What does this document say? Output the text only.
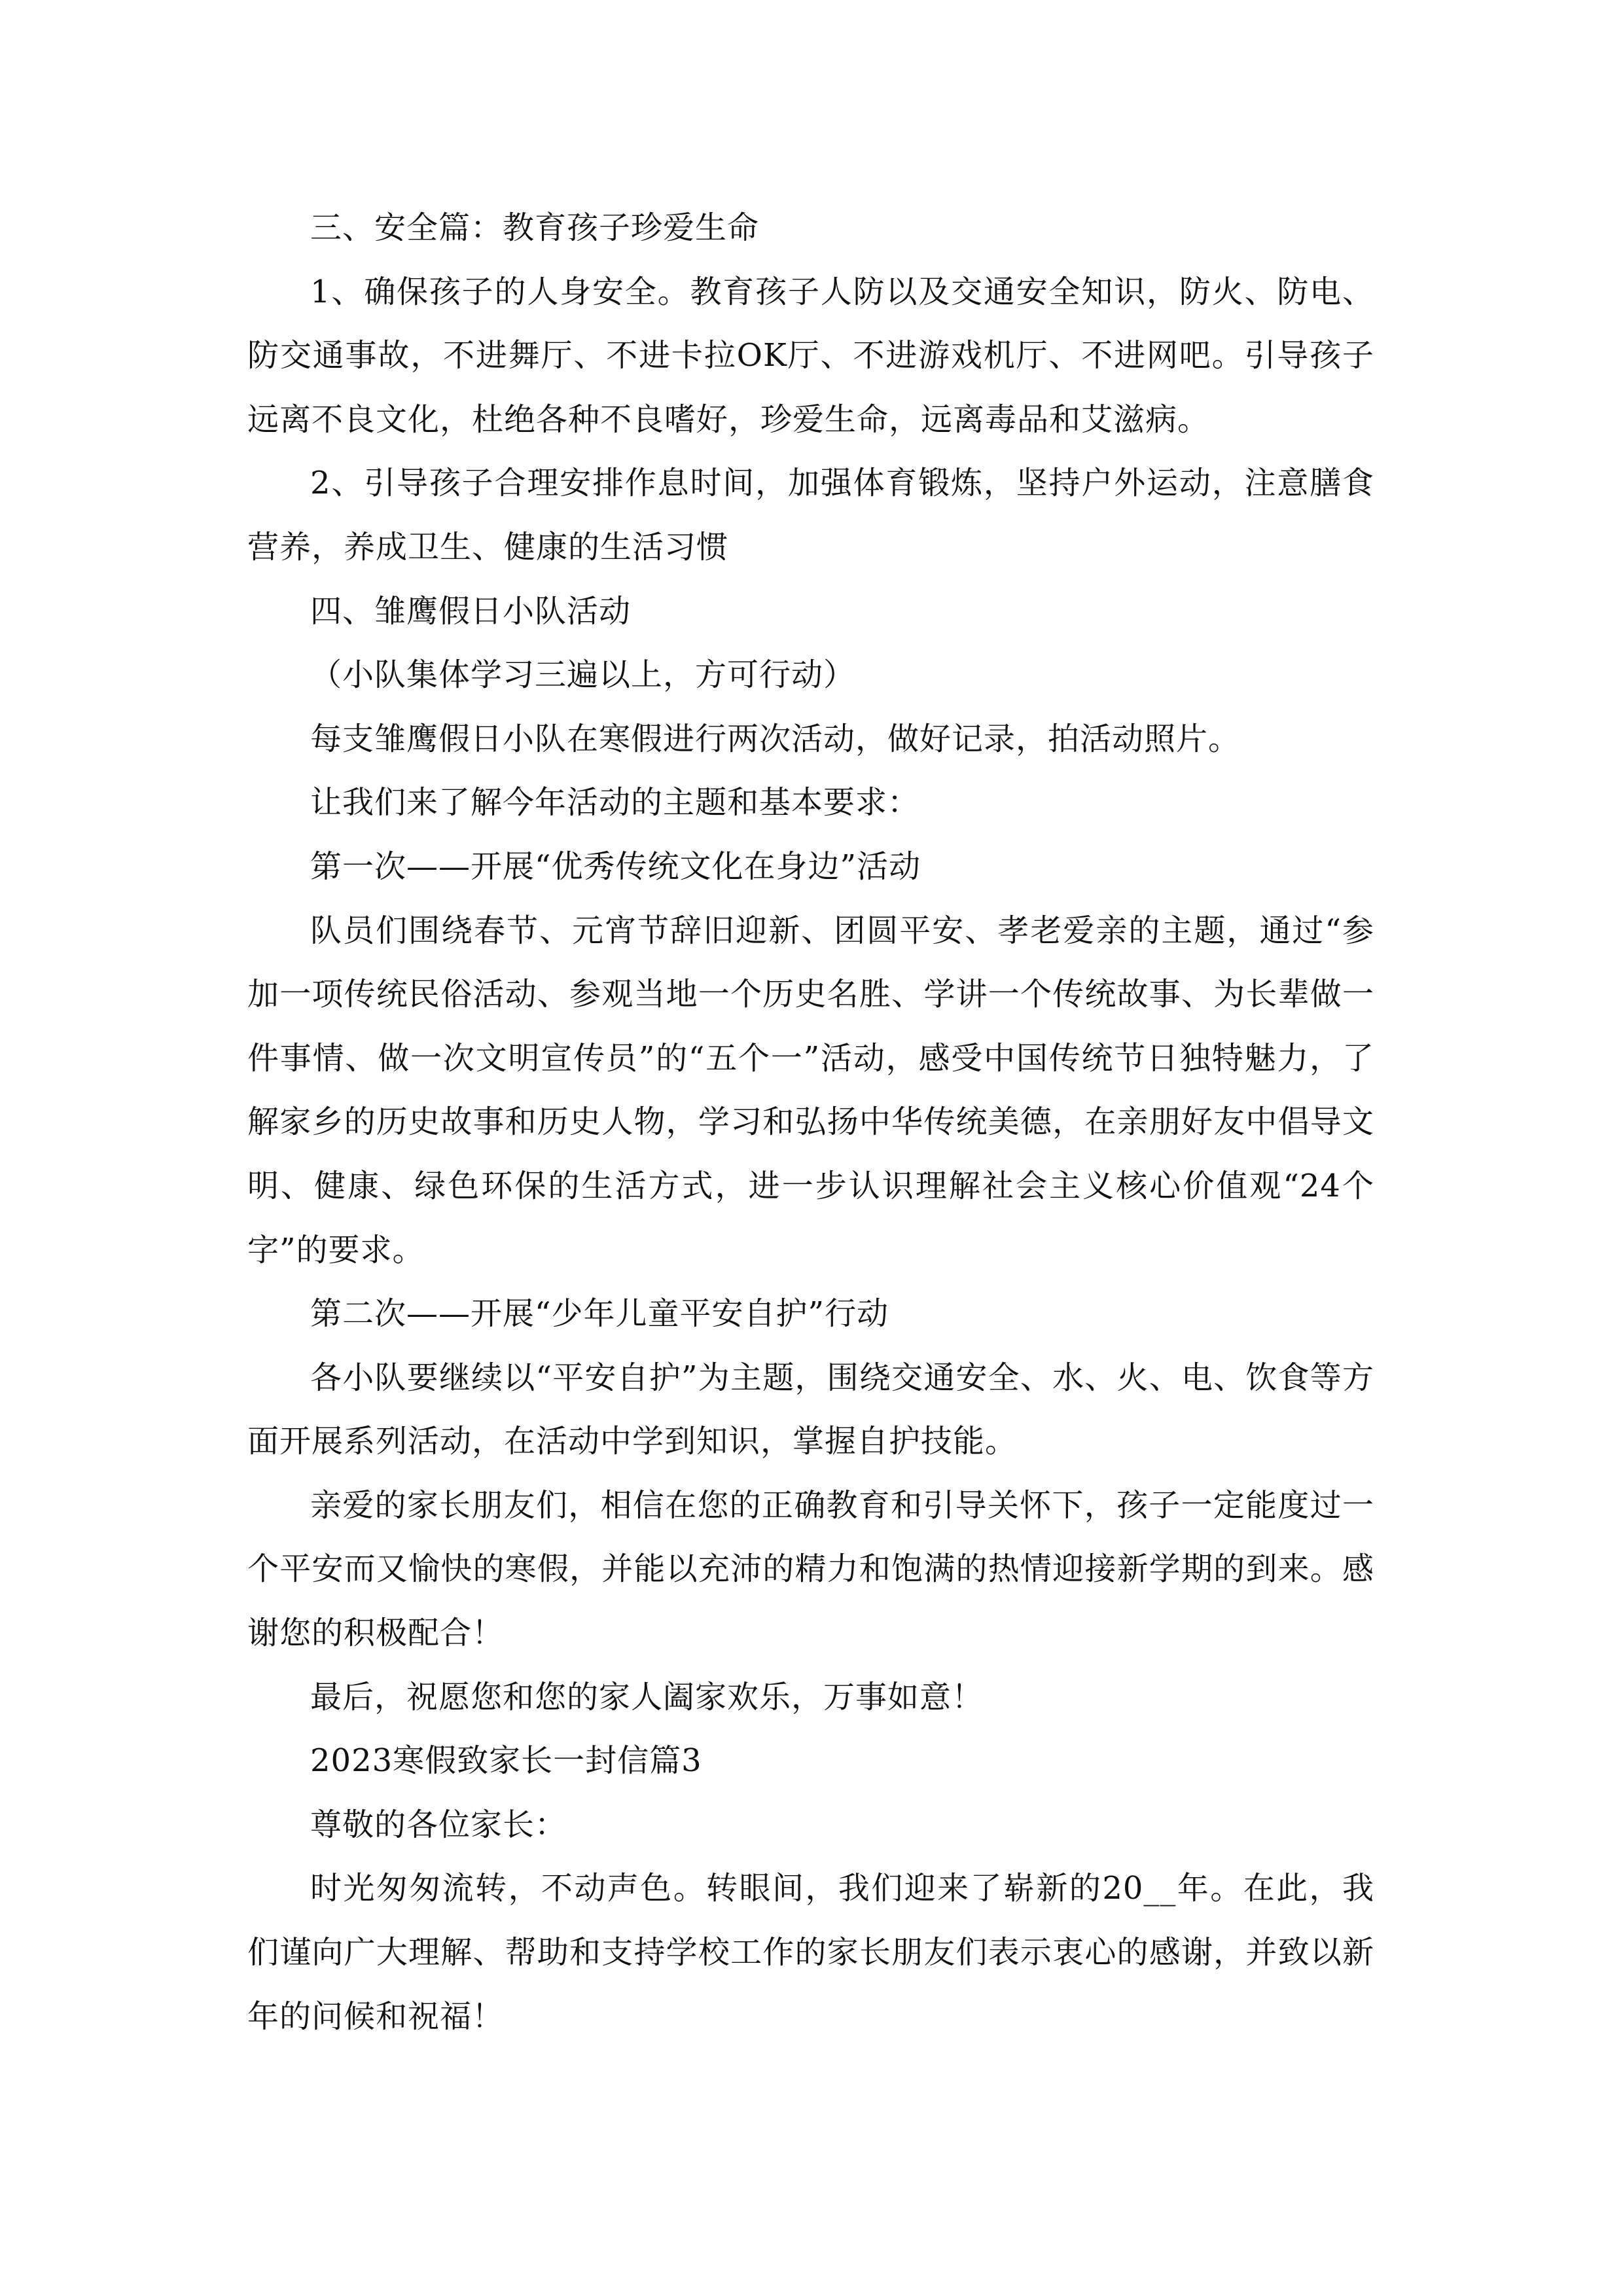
三、安全篇：教育孩子珍爱生命

1、确保孩子的人身安全。教育孩子人防以及交通安全知识，防火、防电、防交通事故，不进舞厅、不进卡拉OK厅、不进游戏机厅、不进网吧。引导孩子远离不良文化，杜绝各种不良嗜好，珍爱生命，远离毒品和艾滋病。

2、引导孩子合理安排作息时间，加强体育锻炼，坚持户外运动，注意膳食营养，养成卫生、健康的生活习惯

四、雏鹰假日小队活动

（小队集体学习三遍以上，方可行动）

每支雏鹰假日小队在寒假进行两次活动，做好记录，拍活动照片。

让我们来了解今年活动的主题和基本要求：

第一次——开展“优秀传统文化在身边”活动

队员们围绕春节、元宵节辞旧迎新、团圆平安、孝老爱亲的主题，通过“参加一项传统民俗活动、参观当地一个历史名胜、学讲一个传统故事、为长辈做一件事情、做一次文明宣传员”的“五个一”活动，感受中国传统节日独特魅力，了解家乡的历史故事和历史人物，学习和弘扬中华传统美德，在亲朋好友中倡导文明、健康、绿色环保的生活方式，进一步认识理解社会主义核心价值观“24个字”的要求。

第二次——开展“少年儿童平安自护”行动

各小队要继续以“平安自护”为主题，围绕交通安全、水、火、电、饮食等方面开展系列活动，在活动中学到知识，掌握自护技能。

亲爱的家长朋友们，相信在您的正确教育和引导关怀下，孩子一定能度过一个平安而又愉快的寒假，并能以充沛的精力和饱满的热情迎接新学期的到来。感谢您的积极配合！

最后，祝愿您和您的家人阖家欢乐，万事如意！

2023寒假致家长一封信篇3

尊敬的各位家长：

时光匆匆流转，不动声色。转眼间，我们迎来了崭新的20__年。在此，我们谨向广大理解、帮助和支持学校工作的家长朋友们表示衷心的感谢，并致以新年的问候和祝福！
